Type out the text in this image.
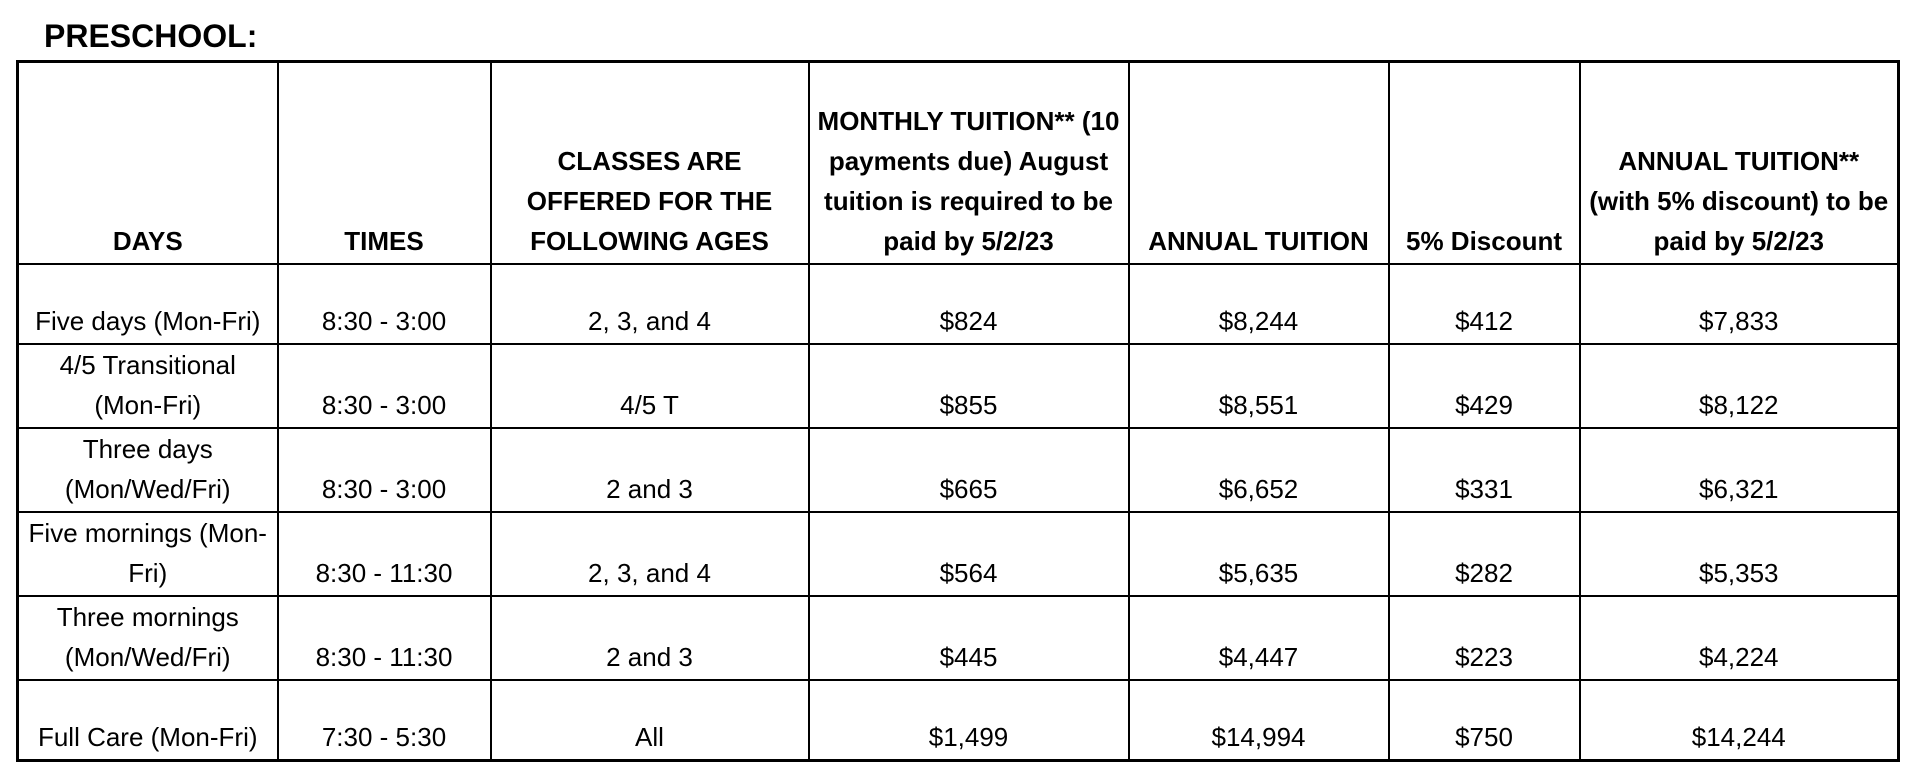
PRESCHOOL:
DAYS	TIMES	CLASSES ARE OFFERED FOR THE FOLLOWING AGES	MONTHLY TUITION** (10 payments due) August tuition is required to be paid by 5/2/23	ANNUAL TUITION	5% Discount	ANNUAL TUITION** (with 5% discount) to be paid by 5/2/23
Five days (Mon-Fri)	8:30 - 3:00	2, 3, and 4	$824	$8,244	$412	$7,833
4/5 Transitional (Mon-Fri)	8:30 - 3:00	4/5 T	$855	$8,551	$429	$8,122
Three days (Mon/Wed/Fri)	8:30 - 3:00	2 and 3	$665	$6,652	$331	$6,321
Five mornings (Mon-Fri)	8:30 - 11:30	2, 3, and 4	$564	$5,635	$282	$5,353
Three mornings (Mon/Wed/Fri)	8:30 - 11:30	2 and 3	$445	$4,447	$223	$4,224
Full Care (Mon-Fri)	7:30 - 5:30	All	$1,499	$14,994	$750	$14,244
